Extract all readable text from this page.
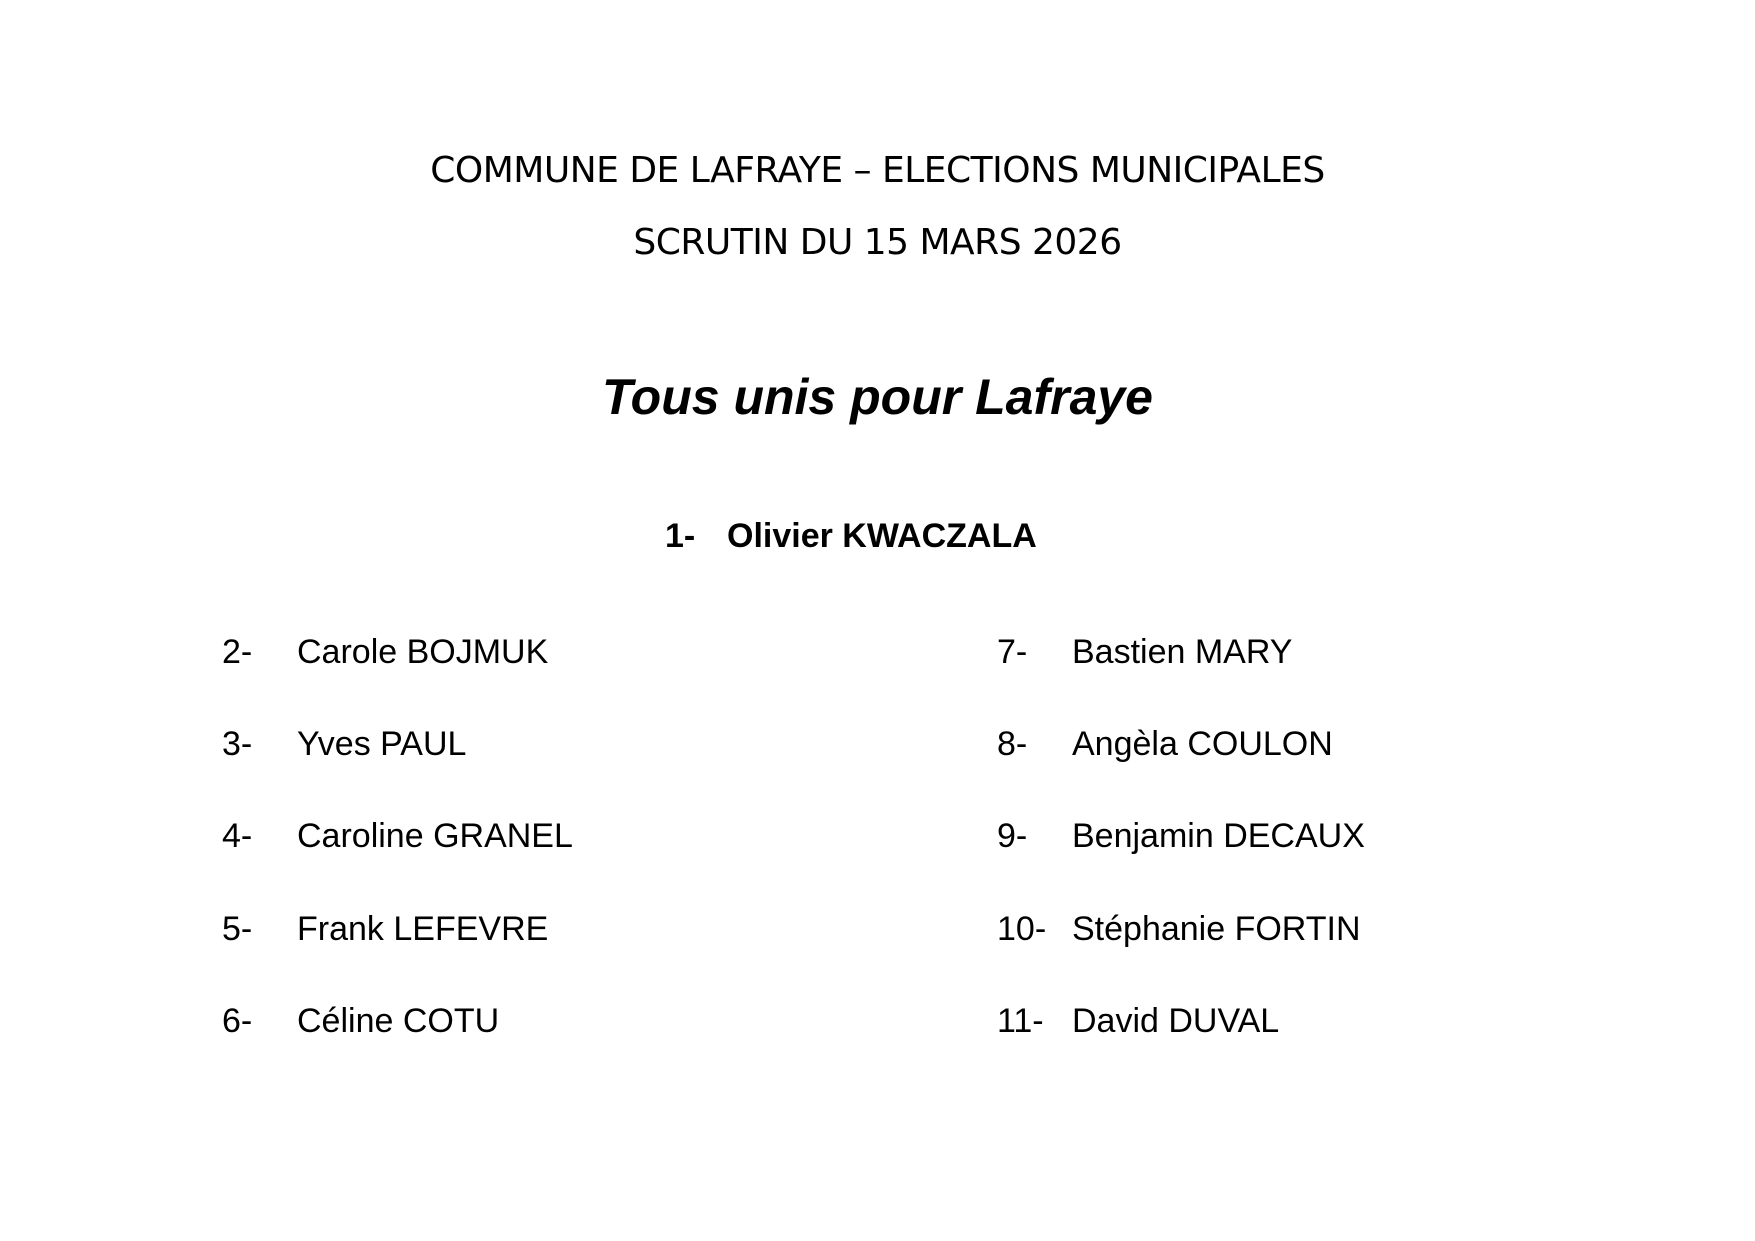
COMMUNE DE LAFRAYE – ELECTIONS MUNICIPALES
SCRUTIN DU 15 MARS 2026
Tous unis pour Lafraye
1- Olivier KWACZALA
2- Carole BOJMUK
3- Yves PAUL
4- Caroline GRANEL
5- Frank LEFEVRE
6- Céline COTU
7- Bastien MARY
8- Angèla COULON
9- Benjamin DECAUX
10- Stéphanie FORTIN
11- David DUVAL
